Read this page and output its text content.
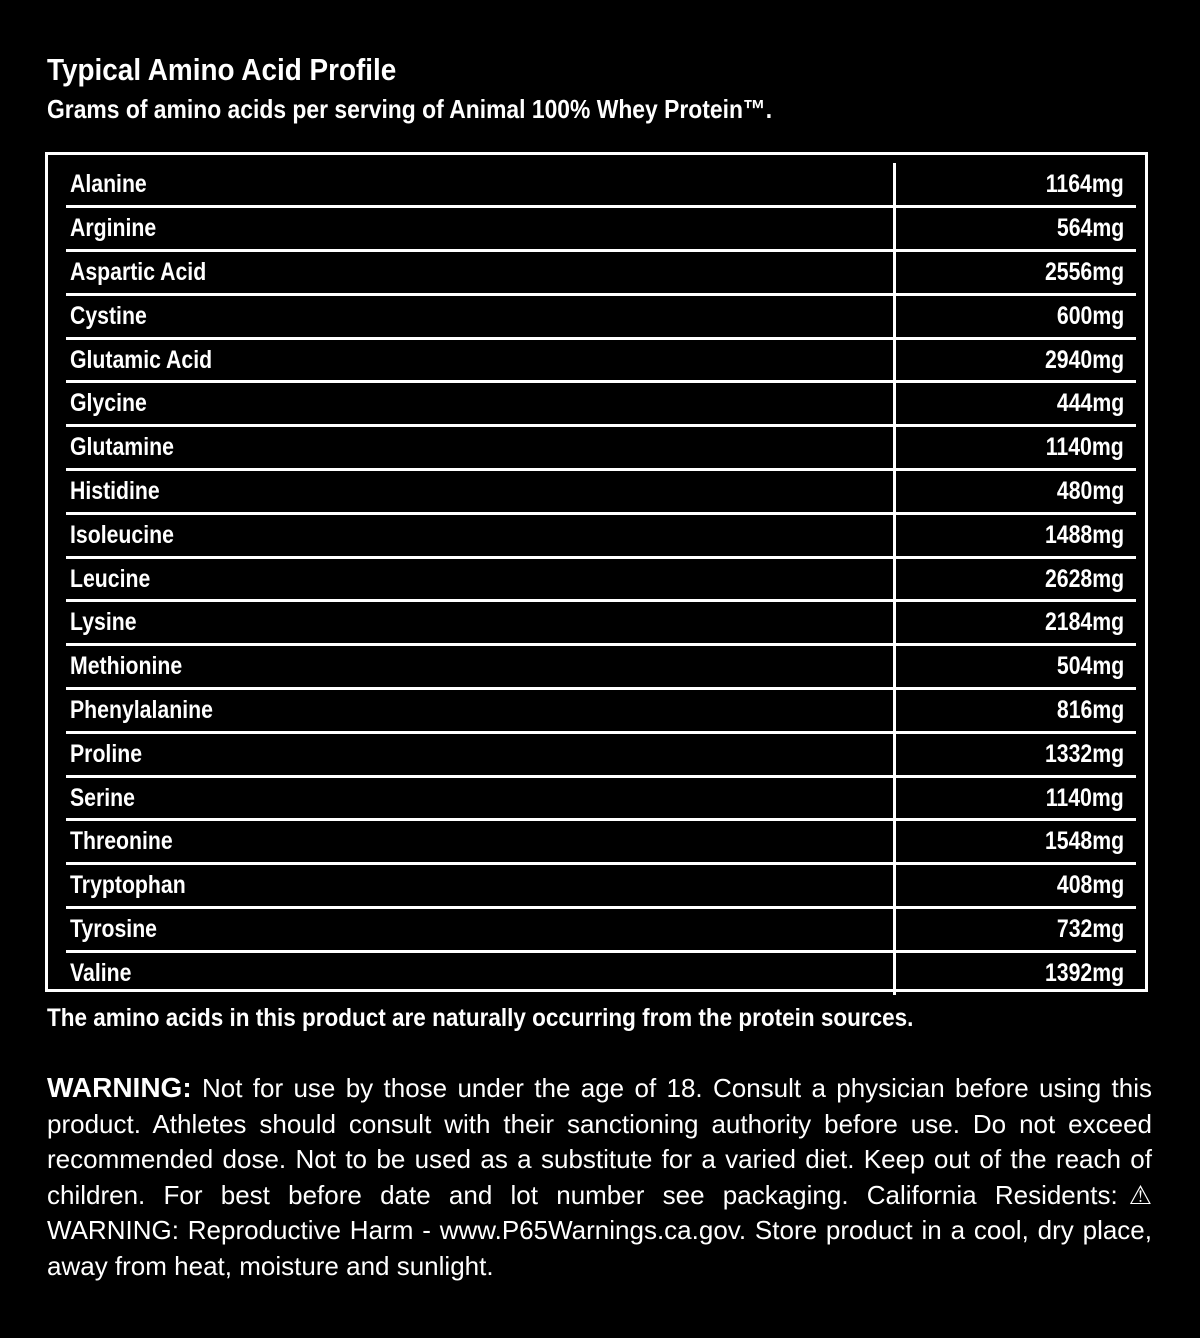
Typical Amino Acid Profile

Grams of amino acids per serving of Animal 100% Whey Protein™.

Alanine	1164mg
Arginine	564mg
Aspartic Acid	2556mg
Cystine	600mg
Glutamic Acid	2940mg
Glycine	444mg
Glutamine	1140mg
Histidine	480mg
Isoleucine	1488mg
Leucine	2628mg
Lysine	2184mg
Methionine	504mg
Phenylalanine	816mg
Proline	1332mg
Serine	1140mg
Threonine	1548mg
Tryptophan	408mg
Tyrosine	732mg
Valine	1392mg

The amino acids in this product are naturally occurring from the protein sources.

WARNING: Not for use by those under the age of 18. Consult a physician before using this product. Athletes should consult with their sanctioning authority before use. Do not exceed recommended dose. Not to be used as a substitute for a varied diet. Keep out of the reach of children. For best before date and lot number see packaging. California Residents:⚠ WARNING: Reproductive Harm - www.P65Warnings.ca.gov. Store product in a cool, dry place, away from heat, moisture and sunlight.
